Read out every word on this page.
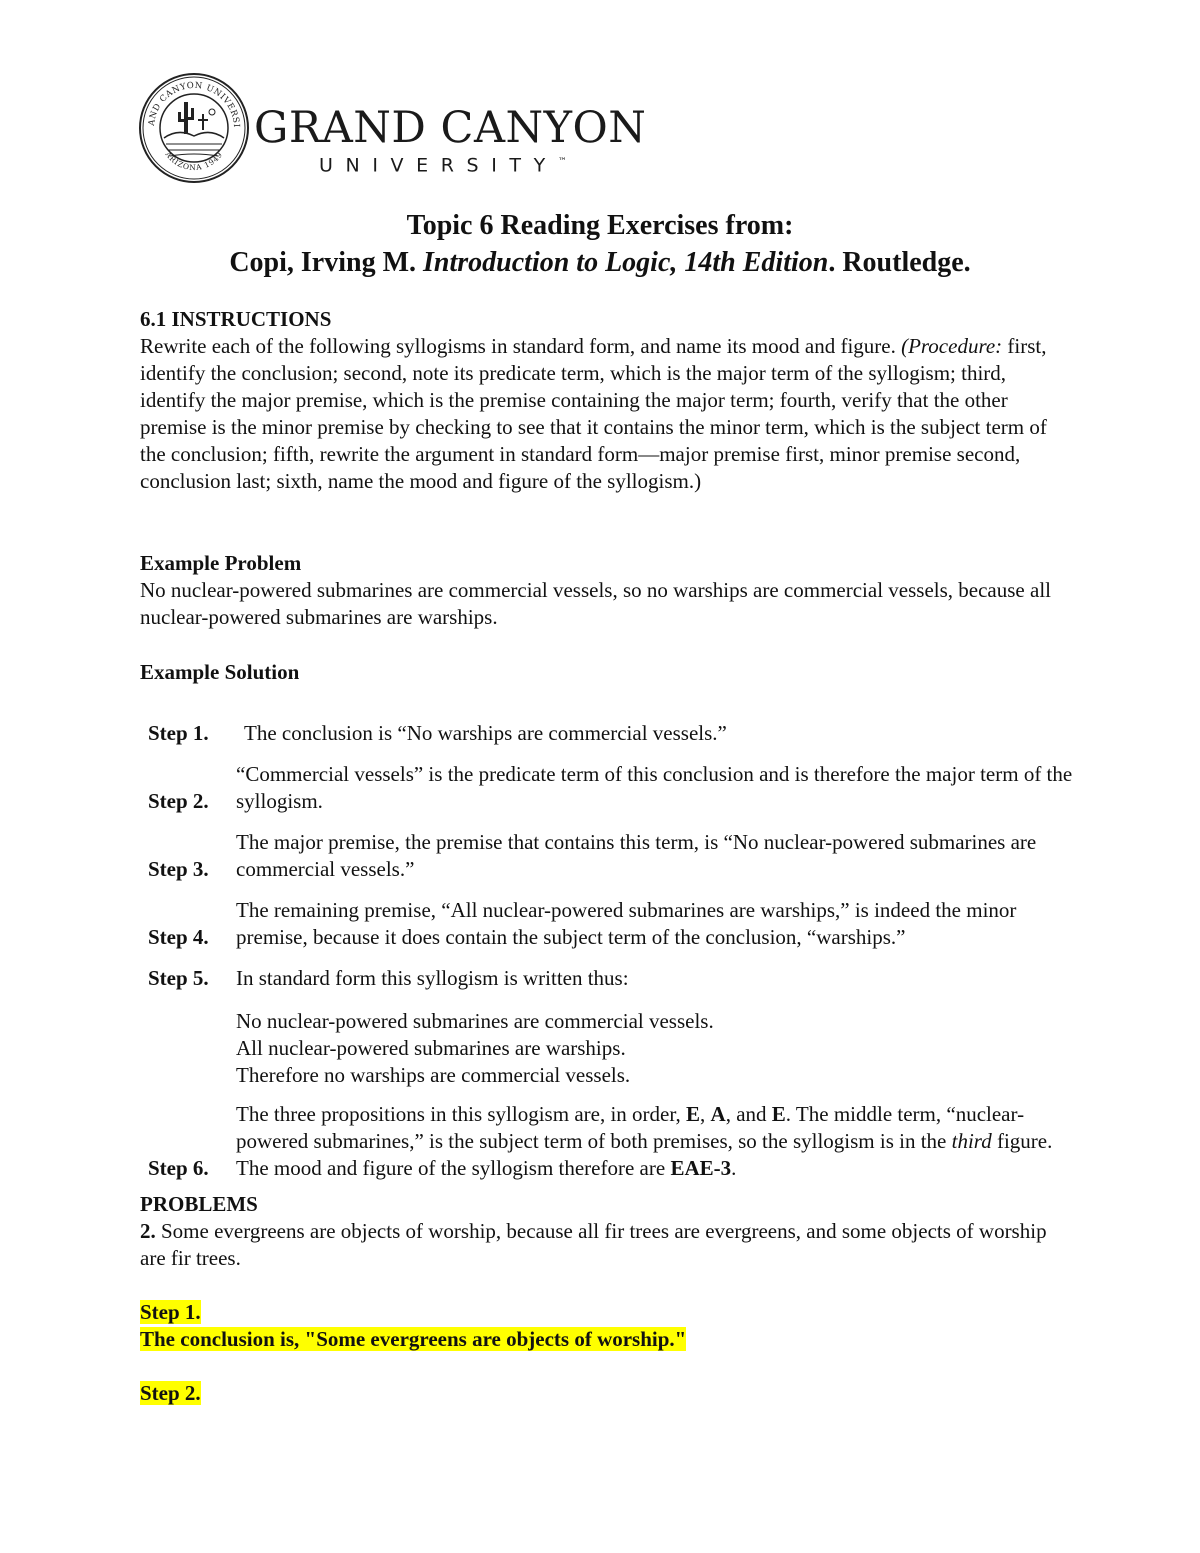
AND CANYON UNIVERSI
ARIZONA 1949
GRAND CANYON
UNIVERSITY™
Topic 6 Reading Exercises from:
Copi, Irving M. Introduction to Logic, 14th Edition. Routledge.
6.1 INSTRUCTIONS
Rewrite each of the following syllogisms in standard form, and name its mood and figure. (Procedure: first, identify the conclusion; second, note its predicate term, which is the major term of the syllogism; third, identify the major premise, which is the premise containing the major term; fourth, verify that the other premise is the minor premise by checking to see that it contains the minor term, which is the subject term of the conclusion; fifth, rewrite the argument in standard form—major premise first, minor premise second, conclusion last; sixth, name the mood and figure of the syllogism.)
Example Problem
No nuclear-powered submarines are commercial vessels, so no warships are commercial vessels, because all nuclear-powered submarines are warships.
Example Solution
Step 1. The conclusion is “No warships are commercial vessels.”
Step 2.
“Commercial vessels” is the predicate term of this conclusion and is therefore the major term of the syllogism.
Step 3.
The major premise, the premise that contains this term, is “No nuclear-powered submarines are commercial vessels.”
Step 4.
The remaining premise, “All nuclear-powered submarines are warships,” is indeed the minor premise, because it does contain the subject term of the conclusion, “warships.”
Step 5. In standard form this syllogism is written thus:
No nuclear-powered submarines are commercial vessels.
All nuclear-powered submarines are warships.
Therefore no warships are commercial vessels.
Step 6.
The three propositions in this syllogism are, in order, E, A, and E. The middle term, “nuclear-powered submarines,” is the subject term of both premises, so the syllogism is in the third figure. The mood and figure of the syllogism therefore are EAE-3.
PROBLEMS
2. Some evergreens are objects of worship, because all fir trees are evergreens, and some objects of worship are fir trees.
Step 1.
The conclusion is, "Some evergreens are objects of worship."
Step 2.
